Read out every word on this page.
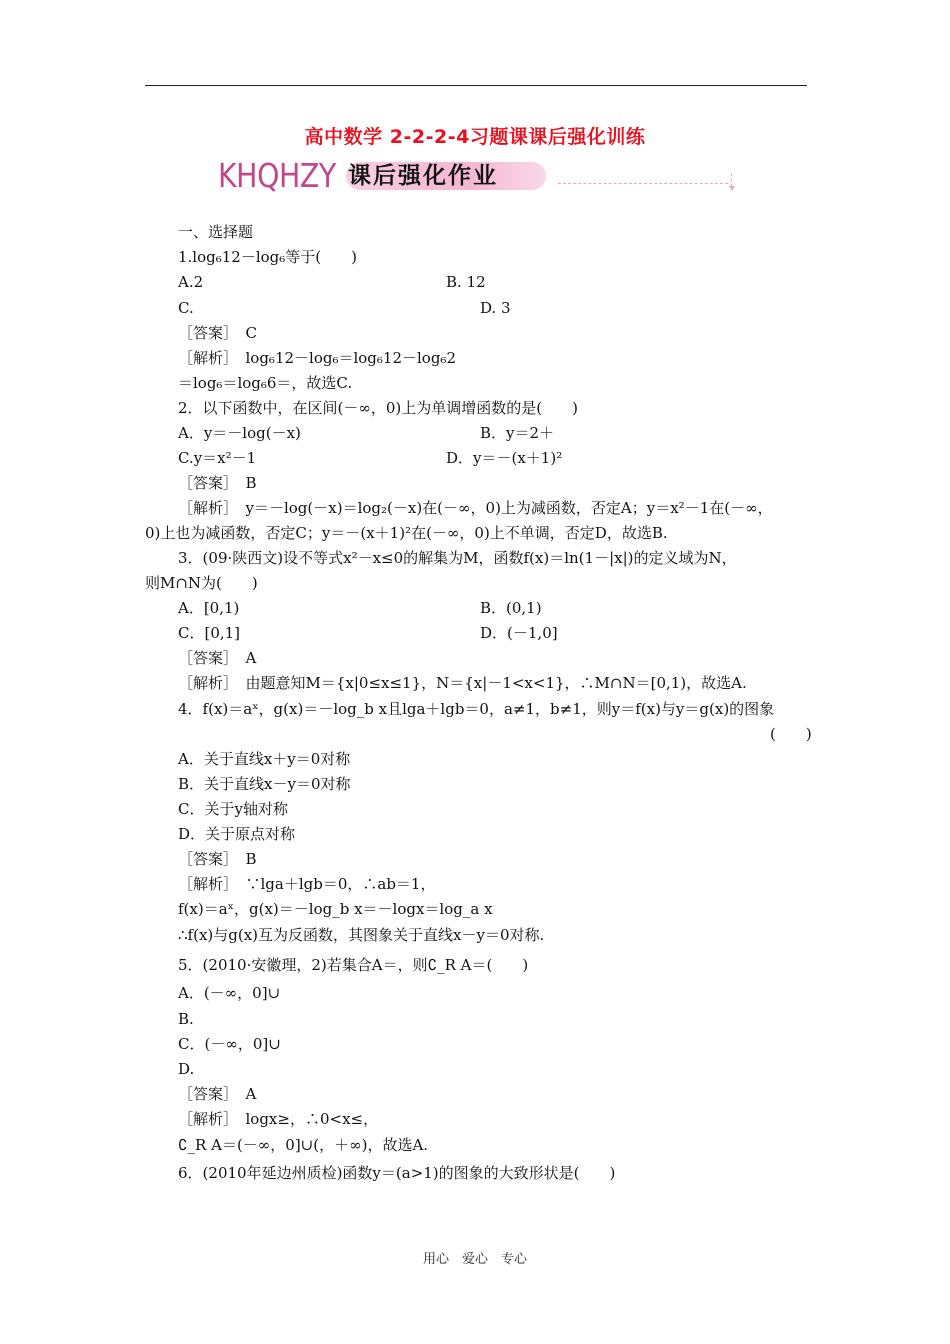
高中数学 2-2-2-4习题课课后强化训练
KHQHZY 课后强化作业
一、选择题
1.log₆12－log₆等于(　　)
A.2	B. 12
C.	D. 3
［答案］　C
［解析］　log₆12－log₆＝log₆12－log₆2
＝log₆＝log₆6＝，故选C.
2．以下函数中，在区间(－∞，0)上为单调增函数的是(　　)
A．y＝－log(－x)	B．y＝2＋
C.y＝x²－1	D．y＝－(x＋1)²
［答案］　B
［解析］　y＝－log(－x)＝log₂(－x)在(－∞，0)上为减函数，否定A；y＝x²－1在(－∞，
0)上也为减函数，否定C；y＝－(x＋1)²在(－∞，0)上不单调，否定D，故选B.
3．(09·陕西文)设不等式x²－x≤0的解集为M，函数f(x)＝ln(1－|x|)的定义域为N，
则M∩N为(　　)
A．[0,1)	B．(0,1)
C．[0,1]	D．(－1,0]
［答案］　A
［解析］　由题意知M＝{x|0≤x≤1}，N＝{x|－1<x<1}，∴M∩N＝[0,1)，故选A.
4．f(x)＝aˣ，g(x)＝－log_b x且lga＋lgb＝0，a≠1，b≠1，则y＝f(x)与y＝g(x)的图象
(　　)
A．关于直线x＋y＝0对称
B．关于直线x－y＝0对称
C．关于y轴对称
D．关于原点对称
［答案］　B
［解析］　∵lga＋lgb＝0，∴ab＝1，
f(x)＝aˣ，g(x)＝－log_b x＝－logx＝log_a x
∴f(x)与g(x)互为反函数，其图象关于直线x－y＝0对称.
5．(2010·安徽理，2)若集合A＝，则∁_R A＝(　　)
A．(－∞，0]∪
B.
C．(－∞，0]∪
D.
［答案］　A
［解析］　logx≥，∴0<x≤，
∁_R A＝(－∞，0]∪(，＋∞)，故选A.
6．(2010年延边州质检)函数y＝(a>1)的图象的大致形状是(　　)
用心　爱心　专心
